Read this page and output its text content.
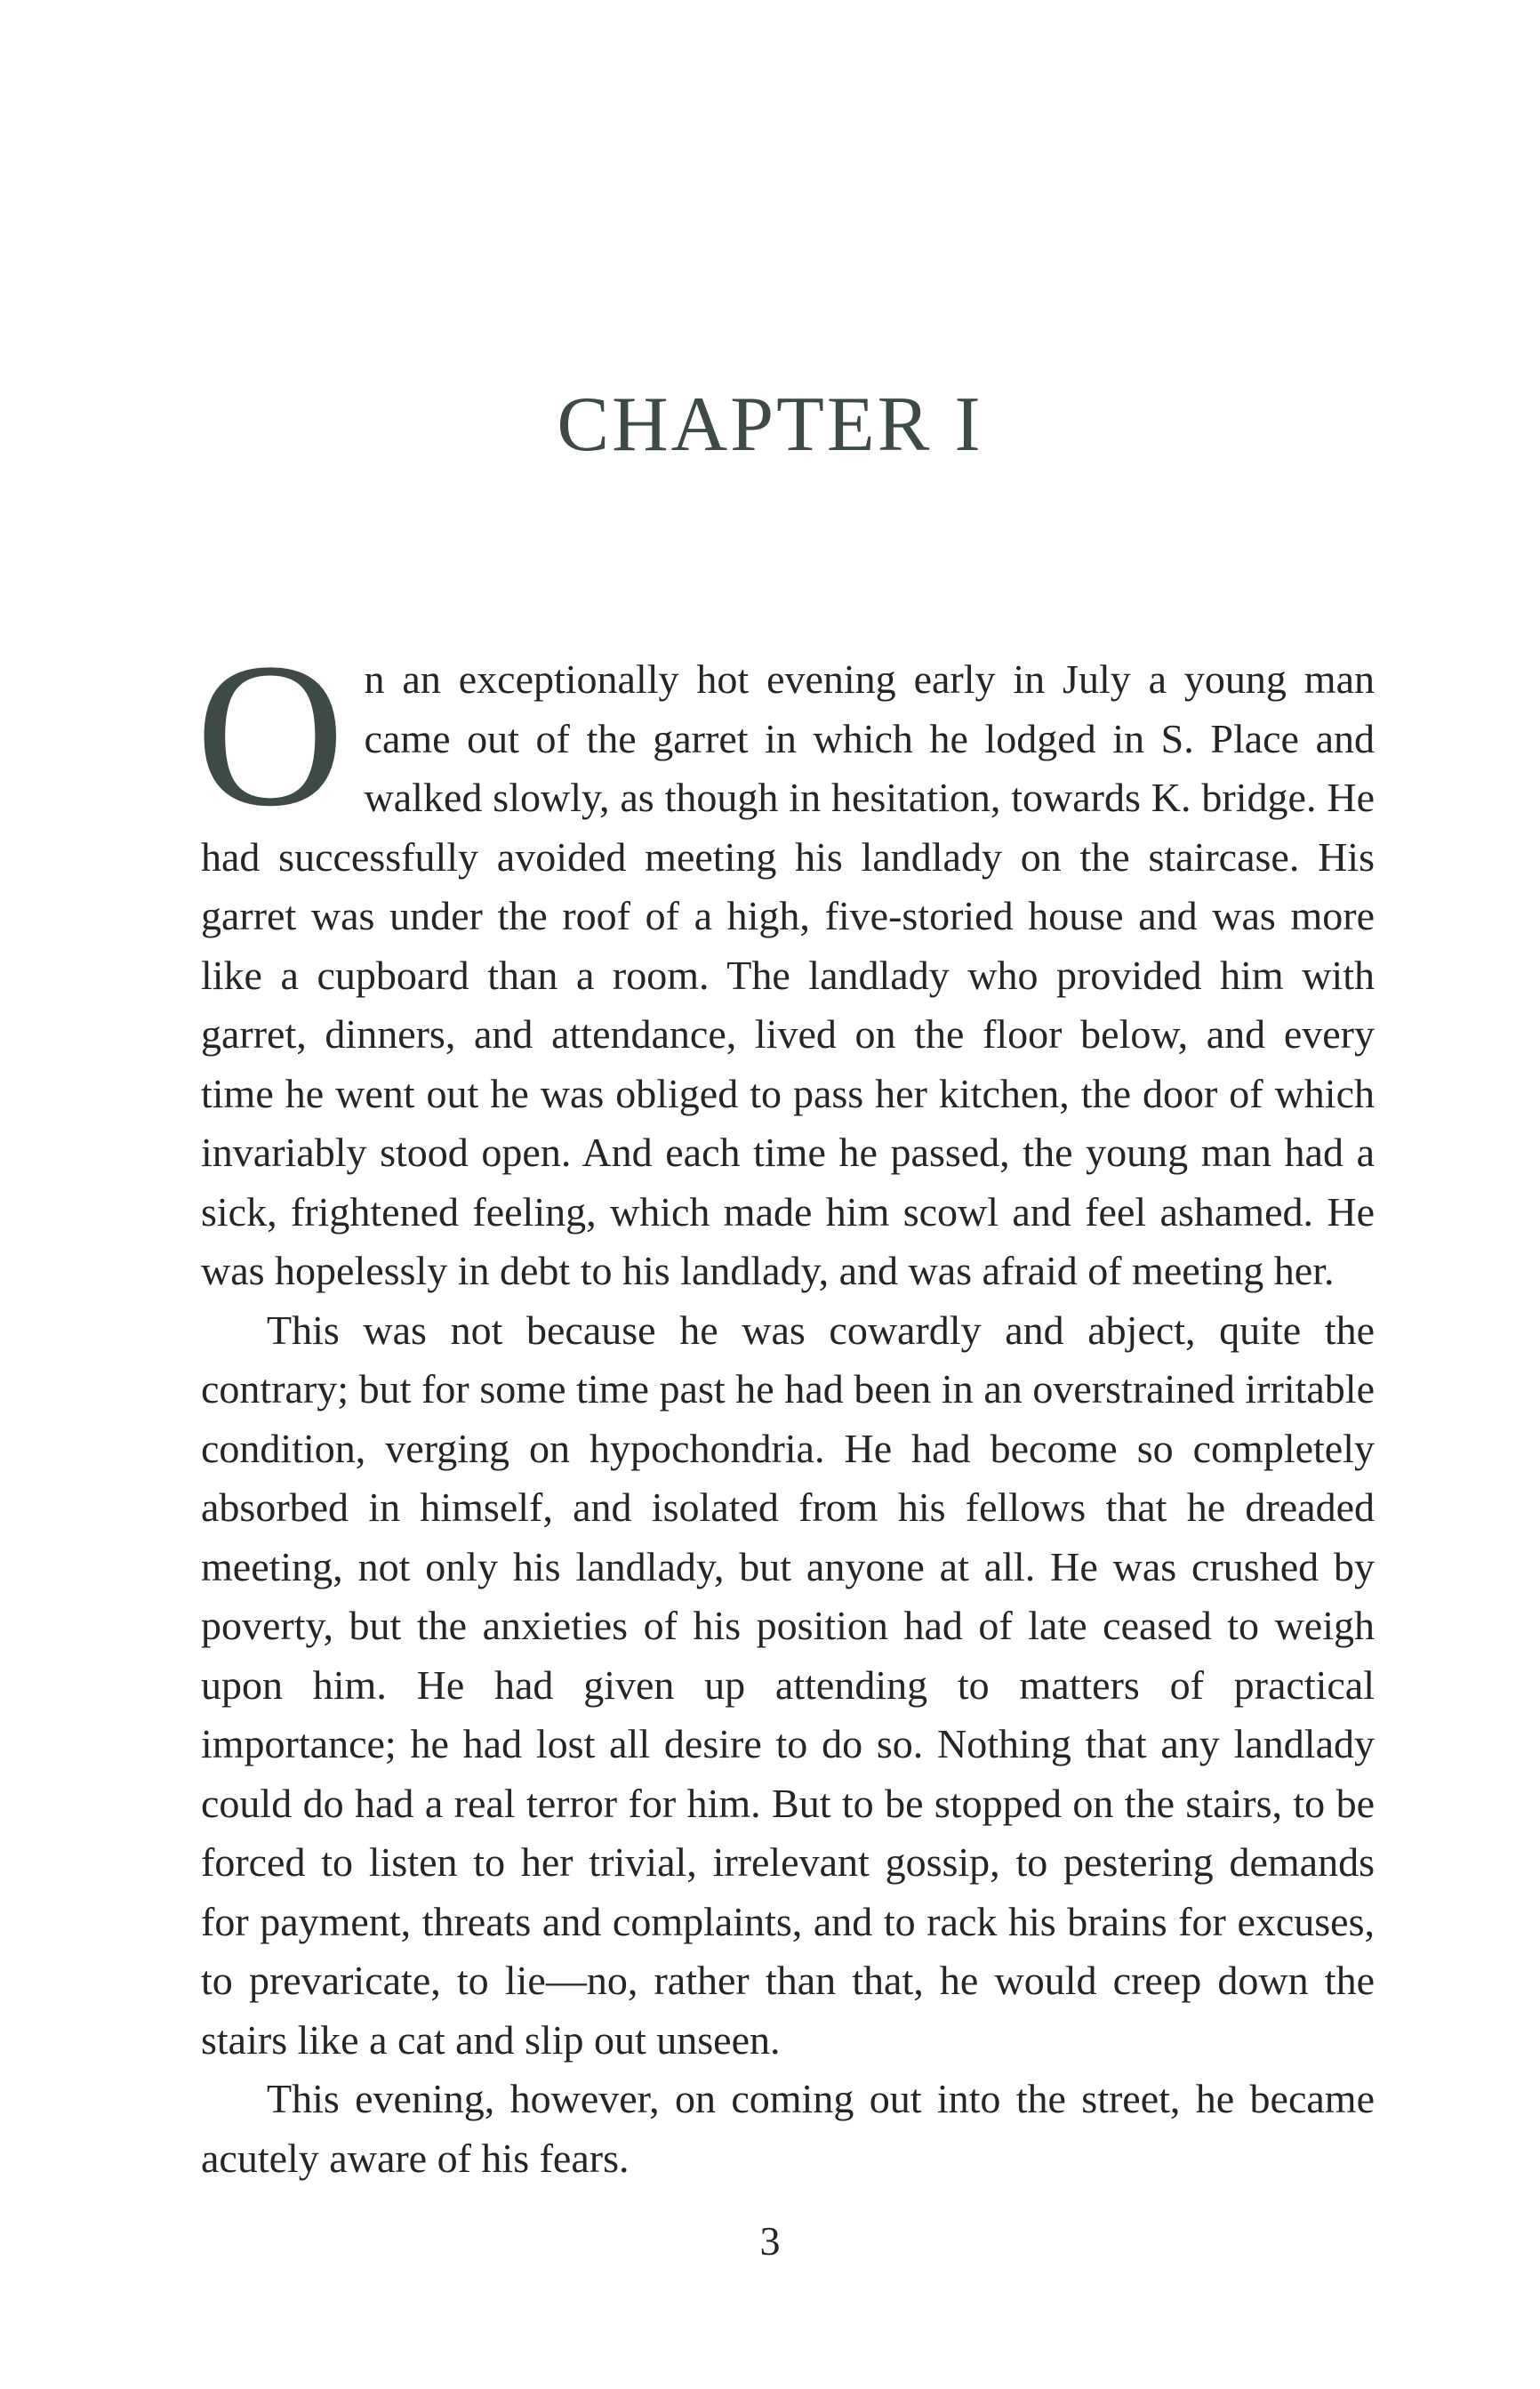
CHAPTER I

On an exceptionally hot evening early in July a young man came out of the garret in which he lodged in S. Place and walked slowly, as though in hesitation, towards K. bridge. He had successfully avoided meeting his landlady on the staircase. His garret was under the roof of a high, five-storied house and was more like a cupboard than a room. The landlady who provided him with garret, dinners, and attendance, lived on the floor below, and every time he went out he was obliged to pass her kitchen, the door of which invariably stood open. And each time he passed, the young man had a sick, frightened feeling, which made him scowl and feel ashamed. He was hopelessly in debt to his landlady, and was afraid of meeting her.

This was not because he was cowardly and abject, quite the contrary; but for some time past he had been in an overstrained irritable condition, verging on hypochondria. He had become so completely absorbed in himself, and isolated from his fellows that he dreaded meeting, not only his landlady, but anyone at all. He was crushed by poverty, but the anxieties of his position had of late ceased to weigh upon him. He had given up attending to matters of practical importance; he had lost all desire to do so. Nothing that any landlady could do had a real terror for him. But to be stopped on the stairs, to be forced to listen to her trivial, irrelevant gossip, to pestering demands for payment, threats and complaints, and to rack his brains for excuses, to prevaricate, to lie—no, rather than that, he would creep down the stairs like a cat and slip out unseen.

This evening, however, on coming out into the street, he became acutely aware of his fears.

3
